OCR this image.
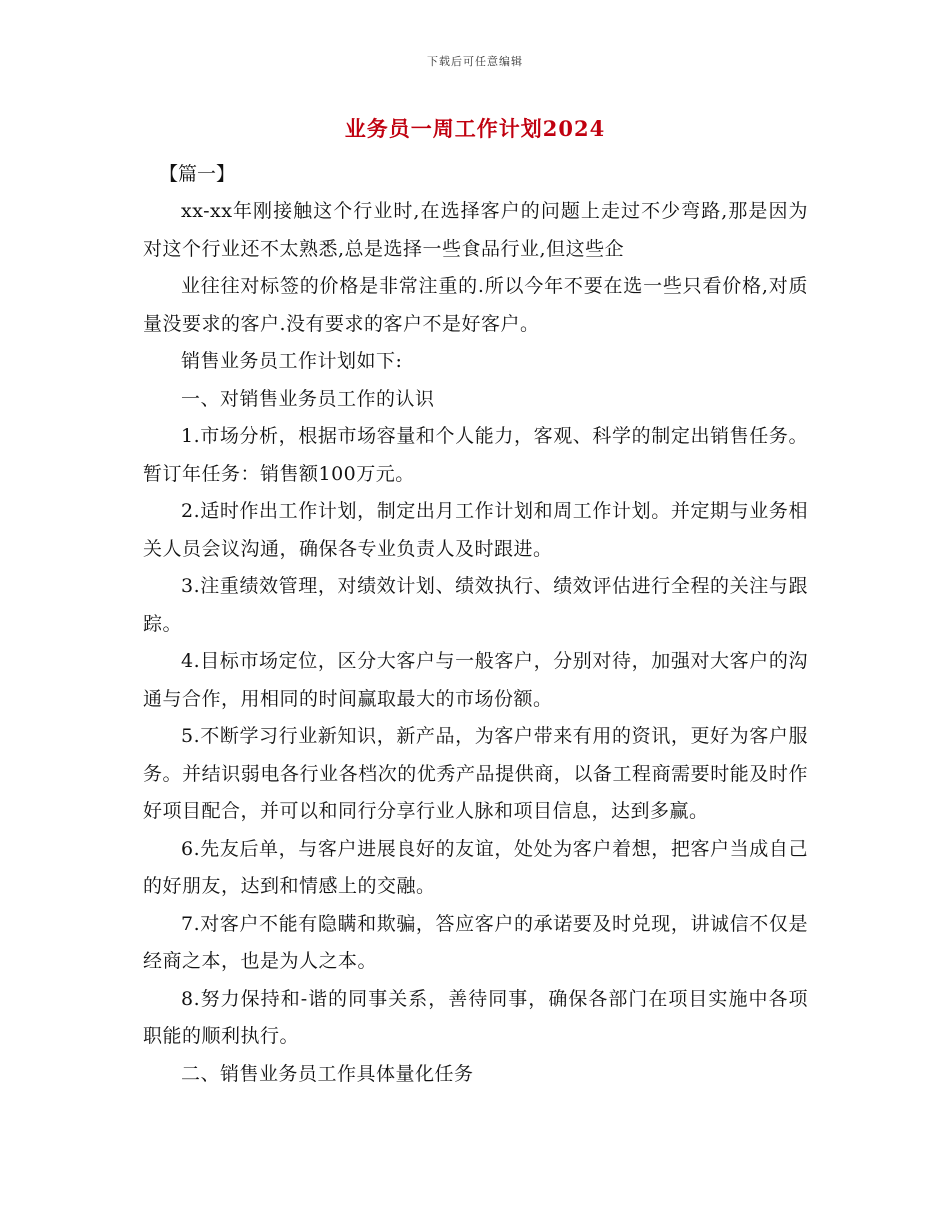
下载后可任意编辑
业务员一周工作计划2024

【篇一】

xx-xx年刚接触这个行业时,在选择客户的问题上走过不少弯路,那是因为对这个行业还不太熟悉,总是选择一些食品行业,但这些企

业往往对标签的价格是非常注重的.所以今年不要在选一些只看价格,对质量没要求的客户.没有要求的客户不是好客户。

销售业务员工作计划如下:

一、对销售业务员工作的认识

1.市场分析，根据市场容量和个人能力，客观、科学的制定出销售任务。暂订年任务：销售额100万元。

2.适时作出工作计划，制定出月工作计划和周工作计划。并定期与业务相关人员会议沟通，确保各专业负责人及时跟进。

3.注重绩效管理，对绩效计划、绩效执行、绩效评估进行全程的关注与跟踪。

4.目标市场定位，区分大客户与一般客户，分别对待，加强对大客户的沟通与合作，用相同的时间赢取最大的市场份额。

5.不断学习行业新知识，新产品，为客户带来有用的资讯，更好为客户服务。并结识弱电各行业各档次的优秀产品提供商，以备工程商需要时能及时作好项目配合，并可以和同行分享行业人脉和项目信息，达到多赢。

6.先友后单，与客户进展良好的友谊，处处为客户着想，把客户当成自己的好朋友，达到和情感上的交融。

7.对客户不能有隐瞒和欺骗，答应客户的承诺要及时兑现，讲诚信不仅是经商之本，也是为人之本。

8.努力保持和-谐的同事关系，善待同事，确保各部门在项目实施中各项职能的顺利执行。

二、销售业务员工作具体量化任务
